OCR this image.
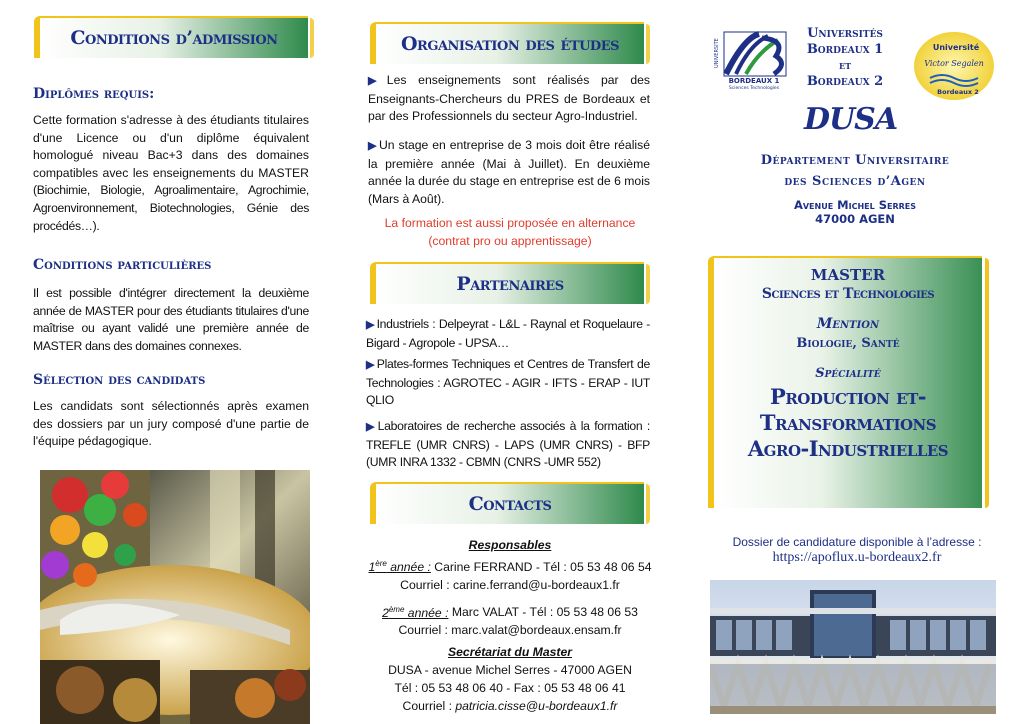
Conditions d’admission
Diplômes requis:
Cette formation s'adresse à des étudiants titulaires d'une Licence ou d'un diplôme équivalent homologué niveau Bac+3 dans des domaines compatibles avec les enseignements du MASTER (Biochimie, Biologie, Agroalimentaire, Agrochimie, Agroenvironnement, Biotechnologies, Génie des procédés…).
Conditions particulières
Il est possible d'intégrer directement la deuxième année de MASTER pour des étudiants titulaires d'une maîtrise ou ayant validé une première année de MASTER dans des domaines connexes.
Sélection des candidats
Les candidats sont sélectionnés après examen des dossiers par un jury composé d'une partie de l'équipe pédagogique.
Organisation des études
▶ Les enseignements sont réalisés par des Enseignants-Chercheurs du PRES de Bordeaux et par des Professionnels du secteur Agro-Industriel.
▶ Un stage en entreprise de 3 mois doit être réalisé la première année (Mai à Juillet). En deuxième année la durée du stage en entreprise est de 6 mois (Mars à Août).
La formation est aussi proposée en alternance
(contrat pro ou apprentissage)
Partenaires
▶ Industriels : Delpeyrat - L&L - Raynal et Roquelaure - Bigard - Agropole - UPSA…
▶ Plates-formes Techniques et Centres de Transfert de Technologies : AGROTEC - AGIR - IFTS - ERAP - IUT QLIO
▶ Laboratoires de recherche associés à la formation : TREFLE (UMR CNRS) - LAPS (UMR CNRS) - BFP (UMR INRA 1332 - CBMN (CNRS -UMR 552)
Contacts
Responsables
1ère année : Carine FERRAND - Tél : 05 53 48 06 54
Courriel : carine.ferrand@u-bordeaux1.fr
2ème année : Marc VALAT - Tél : 05 53 48 06 53
Courriel : marc.valat@bordeaux.ensam.fr
Secrétariat du Master
DUSA - avenue Michel Serres - 47000 AGEN
Tél : 05 53 48 06 40 - Fax : 05 53 48 06 41
Courriel : patricia.cisse@u-bordeaux1.fr
UNIVERSITÉ
BORDEAUX 1
Sciences Technologies
Universités
Bordeaux 1
et
Bordeaux 2
Université
Victor Segalen
Bordeaux 2
DUSA
Département Universitaire
des Sciences d’Agen
Avenue Michel Serres
47000 AGEN
MASTER
Sciences et Technologies
Mention
Biologie, Santé
Spécialité
Production et-
Transformations
Agro-Industrielles
Dossier de candidature disponible à l’adresse :
https://apoflux.u-bordeaux2.fr
